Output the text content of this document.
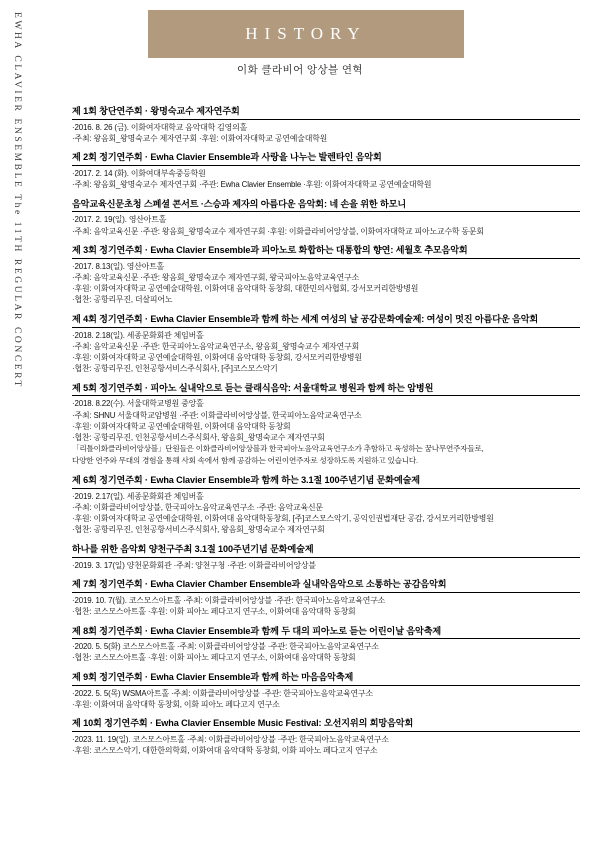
EWHA CLAVIER ENSEMBLE The 11TH REGULAR CONCERT	HISTORY
이화 클라비어 앙상블 연혁
제 1회 창단연주회 · 왕명숙교수 제자연주회
·2016. 8. 26 (금). 이화여자대학교 음악대학 김영의홀
·주최: 왕음회_왕명숙교수 제자연구회 ·후원: 이화여자대학교 공연예술대학원
제 2회 정기연주회 · Ewha Clavier Ensemble과 사랑을 나누는 발렌타인 음악회
·2017. 2. 14 (화). 이화여대부속중등학원
·주최: 왕음회_왕명숙교수 제자연구회 ·주관: Ewha Clavier Ensemble ·후원: 이화여자대학교 공연예술대학원
음악교육신문초청 스페셜 콘서트 ·스승과 제자의 아름다운 음악회: 네 손을 위한 하모니
·2017. 2. 19(일). 영산아트홀
·주최: 음악교육신문 ·주관: 왕음회_왕명숙교수 제자연구회 ·후원: 이화클라비어앙상블, 이화여자대학교 피아노교수학 동문회
제 3회 정기연주회 · Ewha Clavier Ensemble과 피아노로 화합하는 대통합의 향연: 세월호 추모음악회
·2017. 8.13(일). 영산아트홀
·주최: 음악교육신문 ·주관: 왕음회_왕명숙교수 제자연구회, 왕국피아노음악교육연구소
·후원: 이화여자대학교 공연예술대학원, 이화여대 음악대학 동창회, 대한민의사협회, 강서모커리한방병원
·협찬: 공항리무진, 더살피어노
제 4회 정기연주회 · Ewha Clavier Ensemble과 함께 하는 세계 여성의 날 공감문화예술제: 여성이 멋진 아름다운 음악회
·2018. 2.18(일). 세종문화회관 체임버홀
·주최: 음악교육신문 ·주관: 한국피아노음악교육연구소, 왕음회_왕명숙교수 제자연구회
·후원: 이화여자대학교 공연예술대학원, 이화여대 음악대학 동창회, 강서모커리한방병원
·협찬: 공항리무진, 인천공항서비스주식회사, [주]코스모스악기
제 5회 정기연주회 · 피아노 실내악으로 듣는 클래식음악: 서울대학교 병원과 함께 하는 암병원
·2018. 8.22(수). 서울대학교병원 중앙홀
·주최: SHNU 서울대학교암병원 ·주관: 이화클라비어앙상블, 한국피아노음악교육연구소
·후원: 이화여자대학교 공연예술대학원, 이화여대 음악대학 동창회
·협찬: 공항리무진, 인천공항서비스주식회사, 왕음회_왕명숙교수 제자연구회
「리틀이화클라비어앙상블」단원들은 이화클라비어앙상블과 한국피아노음악교육연구소가 추함하고 육성하는 꿈나무연주자들로,
다양한 연주와 무대의 경험을 통해 사회 속에서 함께 공감하는 어린이연주자로 성장하도록 지원하고 있습니다.
제 6회 정기연주회 · Ewha Clavier Ensemble과 함께 하는 3.1절 100주년기념 문화예술제
·2019. 2.17(일). 세종문화회관 체임버홀
·주최: 이화클라비어앙상블, 한국피아노음악교육연구소 ·주관: 음악교육신문
·후원: 이화여자대학교 공연예술대학원, 이화여대 음악대학동창회, [주]코스모스악기, 공익인권법재단 공감, 강서모커리한방병원
·협찬: 공항리무진, 인천공항서비스주식회사, 왕음회_왕명숙교수 제자연구회
하나를 위한 음악회 양천구주최 3.1절 100주년기념 문화예술제
·2019. 3. 17(일) 양천문화회관 ·주최: 양천구청 ·주관: 이화클라비어앙상블
제 7회 정기연주회 · Ewha Clavier Chamber Ensemble과 실내악음악으로 소통하는 공감음악회
·2019. 10. 7(월). 코스모스아트홀 ·주최: 이화클라비어앙상블 ·주관: 한국피아노음악교육연구소
·협찬: 코스모스아트홀 ·후원: 이화 피아노 페다고지 연구소, 이화여대 음악대학 동창회
제 8회 정기연주회 · Ewha Clavier Ensemble과 함께 두 대의 피아노로 듣는 어린이날 음악축제
·2020. 5. 5(화) 코스모스아트홀 ·주최: 이화클라비어앙상블 ·주관: 한국피아노음악교육연구소
·협찬: 코스모스아트홀 ·후원: 이화 피아노 페다고지 연구소, 이화여대 음악대학 동창회
제 9회 정기연주회 · Ewha Clavier Ensemble과 함께 하는 마음음악축제
·2022. 5. 5(목) WSMA아트홀 ·주최: 이화클라비어앙상블 ·주관: 한국피아노음악교육연구소
·후원: 이화여대 음악대학 동창회, 이화 피아노 페다고지 연구소
제 10회 정기연주회 · Ewha Clavier Ensemble Music Festival: 오선지위의 희망음악회
·2023. 11. 19(일). 코스모스아트홀 ·주최: 이화클라비어앙상블 ·주관: 한국피아노음악교육연구소
·후원: 코스모스악기, 대한한의학회, 이화여대 음악대학 동창회, 이화 피아노 페다고지 연구소
